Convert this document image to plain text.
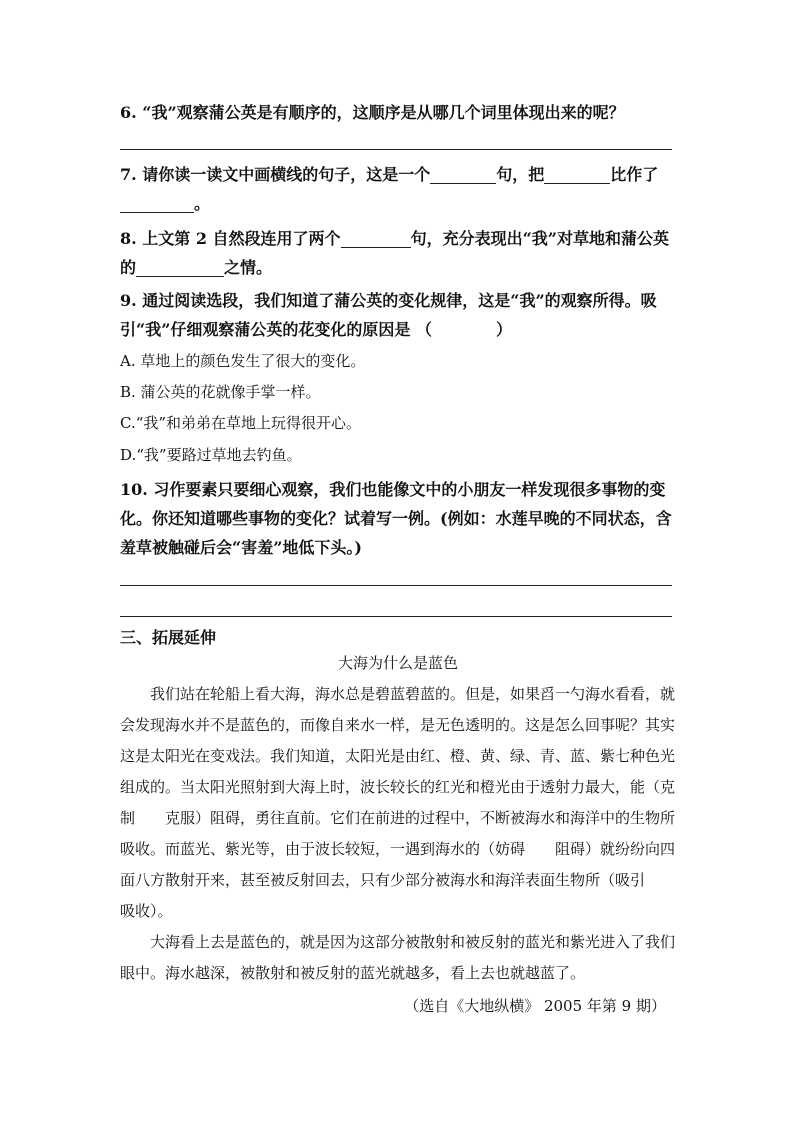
6. “我”观察蒲公英是有顺序的，这顺序是从哪几个词里体现出来的呢？
7. 请你读一读文中画横线的句子，这是一个	句，把	比作了
。
8. 上文第 2 自然段连用了两个	句，充分表现出“我”对草地和蒲公英的	之情。
9. 通过阅读选段，我们知道了蒲公英的变化规律，这是“我”的观察所得。吸引“我”仔细观察蒲公英的花变化的原因是 （　　　　）
A. 草地上的颜色发生了很大的变化。
B. 蒲公英的花就像手掌一样。
C.“我”和弟弟在草地上玩得很开心。
D.“我”要路过草地去钓鱼。
10. 习作要素只要细心观察，我们也能像文中的小朋友一样发现很多事物的变化。你还知道哪些事物的变化？试着写一例。(例如：水莲早晚的不同状态，含羞草被触碰后会“害羞”地低下头。)
三、拓展延伸
大海为什么是蓝色
我们站在轮船上看大海，海水总是碧蓝碧蓝的。但是，如果舀一勺海水看看，就会发现海水并不是蓝色的，而像自来水一样，是无色透明的。这是怎么回事呢？其实这是太阳光在变戏法。我们知道，太阳光是由红、橙、黄、绿、青、蓝、紫七种色光组成的。当太阳光照射到大海上时，波长较长的红光和橙光由于透射力最大，能（克制　　克服）阻碍，勇往直前。它们在前进的过程中，不断被海水和海洋中的生物所吸收。而蓝光、紫光等，由于波长较短，一遇到海水的（妨碍　　阻碍）就纷纷向四面八方散射开来，甚至被反射回去，只有少部分被海水和海洋表面生物所（吸引　　吸收）。
大海看上去是蓝色的，就是因为这部分被散射和被反射的蓝光和紫光进入了我们眼中。海水越深，被散射和被反射的蓝光就越多，看上去也就越蓝了。
（选自《大地纵横》 2005 年第 9 期）
